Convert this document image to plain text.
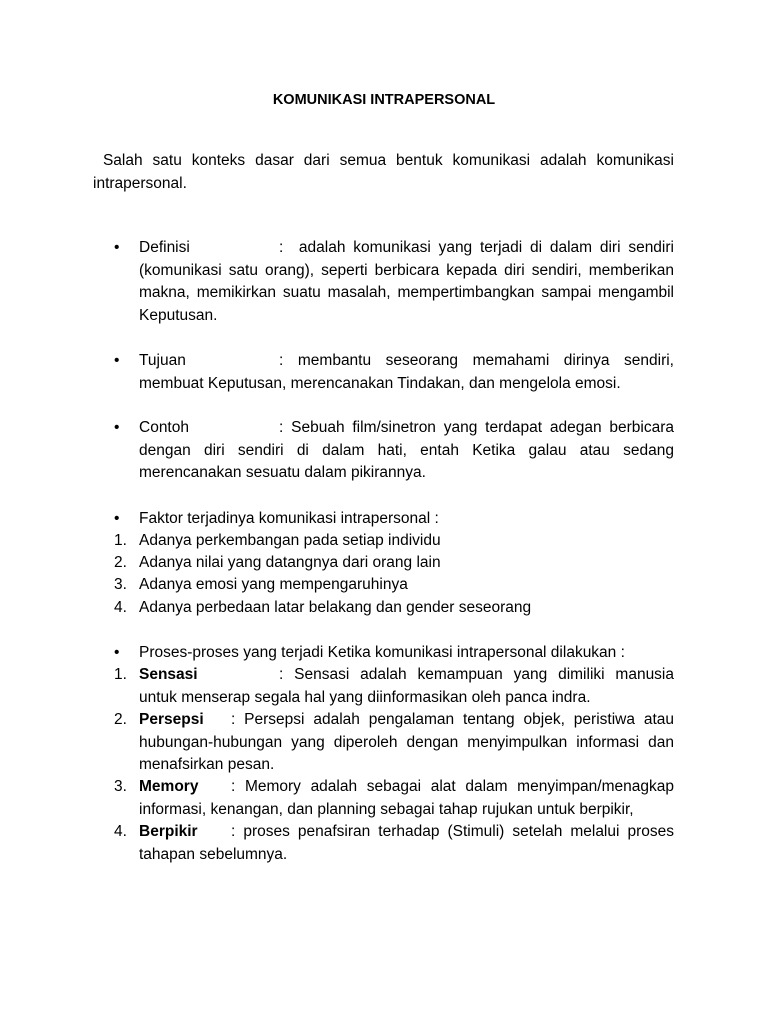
KOMUNIKASI INTRAPERSONAL
Salah satu konteks dasar dari semua bentuk komunikasi adalah komunikasi intrapersonal.
•	Definisi	: adalah komunikasi yang terjadi di dalam diri sendiri (komunikasi satu orang), seperti berbicara kepada diri sendiri, memberikan makna, memikirkan suatu masalah, mempertimbangkan sampai mengambil Keputusan.
•	Tujuan	: membantu seseorang memahami dirinya sendiri, membuat Keputusan, merencanakan Tindakan, dan mengelola emosi.
•	Contoh	: Sebuah film/sinetron yang terdapat adegan berbicara dengan diri sendiri di dalam hati, entah Ketika galau atau sedang merencanakan sesuatu dalam pikirannya.
•	Faktor terjadinya komunikasi intrapersonal :
1. Adanya perkembangan pada setiap individu
2. Adanya nilai yang datangnya dari orang lain
3. Adanya emosi yang mempengaruhinya
4. Adanya perbedaan latar belakang dan gender seseorang
•	Proses-proses yang terjadi Ketika komunikasi intrapersonal dilakukan :
1. Sensasi	: Sensasi adalah kemampuan yang dimiliki manusia untuk menserap segala hal yang diinformasikan oleh panca indra.
2. Persepsi : Persepsi adalah pengalaman tentang objek, peristiwa atau hubungan-hubungan yang diperoleh dengan menyimpulkan informasi dan menafsirkan pesan.
3. Memory : Memory adalah sebagai alat dalam menyimpan/menagkap informasi, kenangan, dan planning sebagai tahap rujukan untuk berpikir,
4. Berpikir : proses penafsiran terhadap (Stimuli) setelah melalui proses tahapan sebelumnya.
